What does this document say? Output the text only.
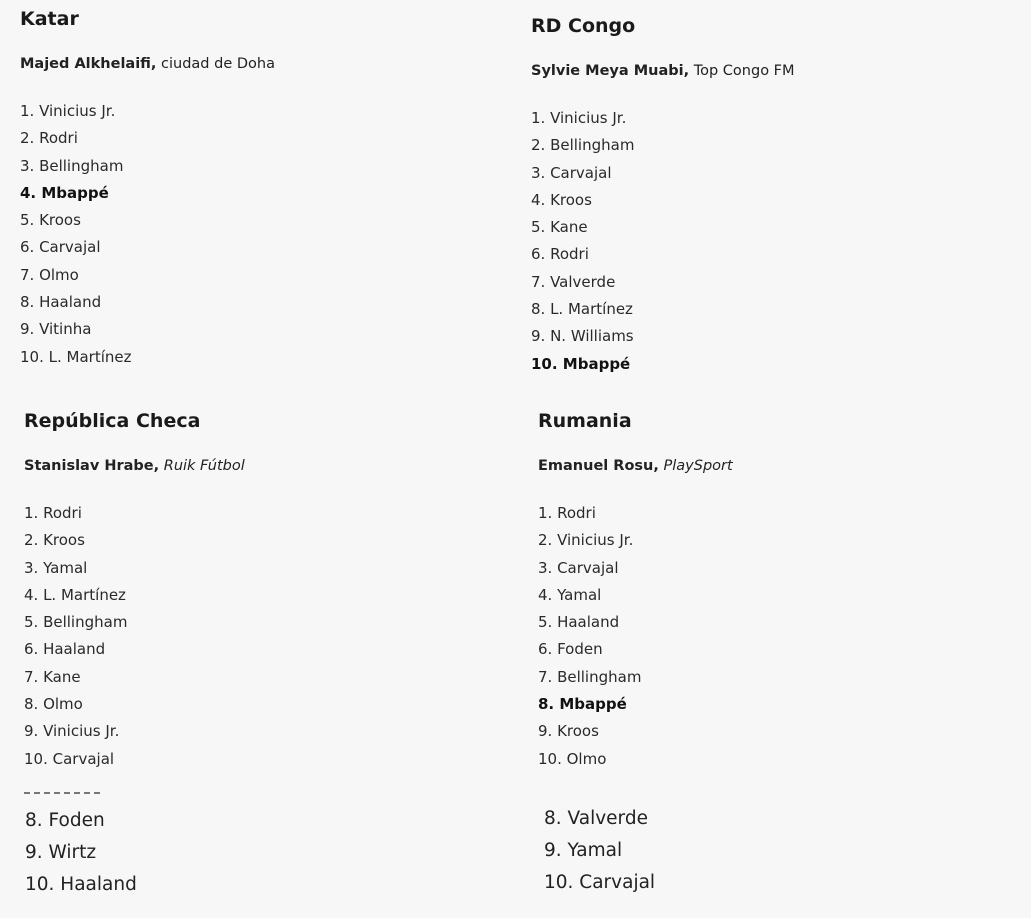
Katar
Majed Alkhelaifi, ciudad de Doha
1. Vinicius Jr.
2. Rodri
3. Bellingham
4. Mbappé
5. Kroos
6. Carvajal
7. Olmo
8. Haaland
9. Vitinha
10. L. Martínez
RD Congo
Sylvie Meya Muabi, Top Congo FM
1. Vinicius Jr.
2. Bellingham
3. Carvajal
4. Kroos
5. Kane
6. Rodri
7. Valverde
8. L. Martínez
9. N. Williams
10. Mbappé
República Checa
Stanislav Hrabe, Ruik Fútbol
1. Rodri
2. Kroos
3. Yamal
4. L. Martínez
5. Bellingham
6. Haaland
7. Kane
8. Olmo
9. Vinicius Jr.
10. Carvajal
Rumania
Emanuel Rosu, PlaySport
1. Rodri
2. Vinicius Jr.
3. Carvajal
4. Yamal
5. Haaland
6. Foden
7. Bellingham
8. Mbappé
9. Kroos
10. Olmo
8. Foden
9. Wirtz
10. Haaland
8. Valverde
9. Yamal
10. Carvajal
